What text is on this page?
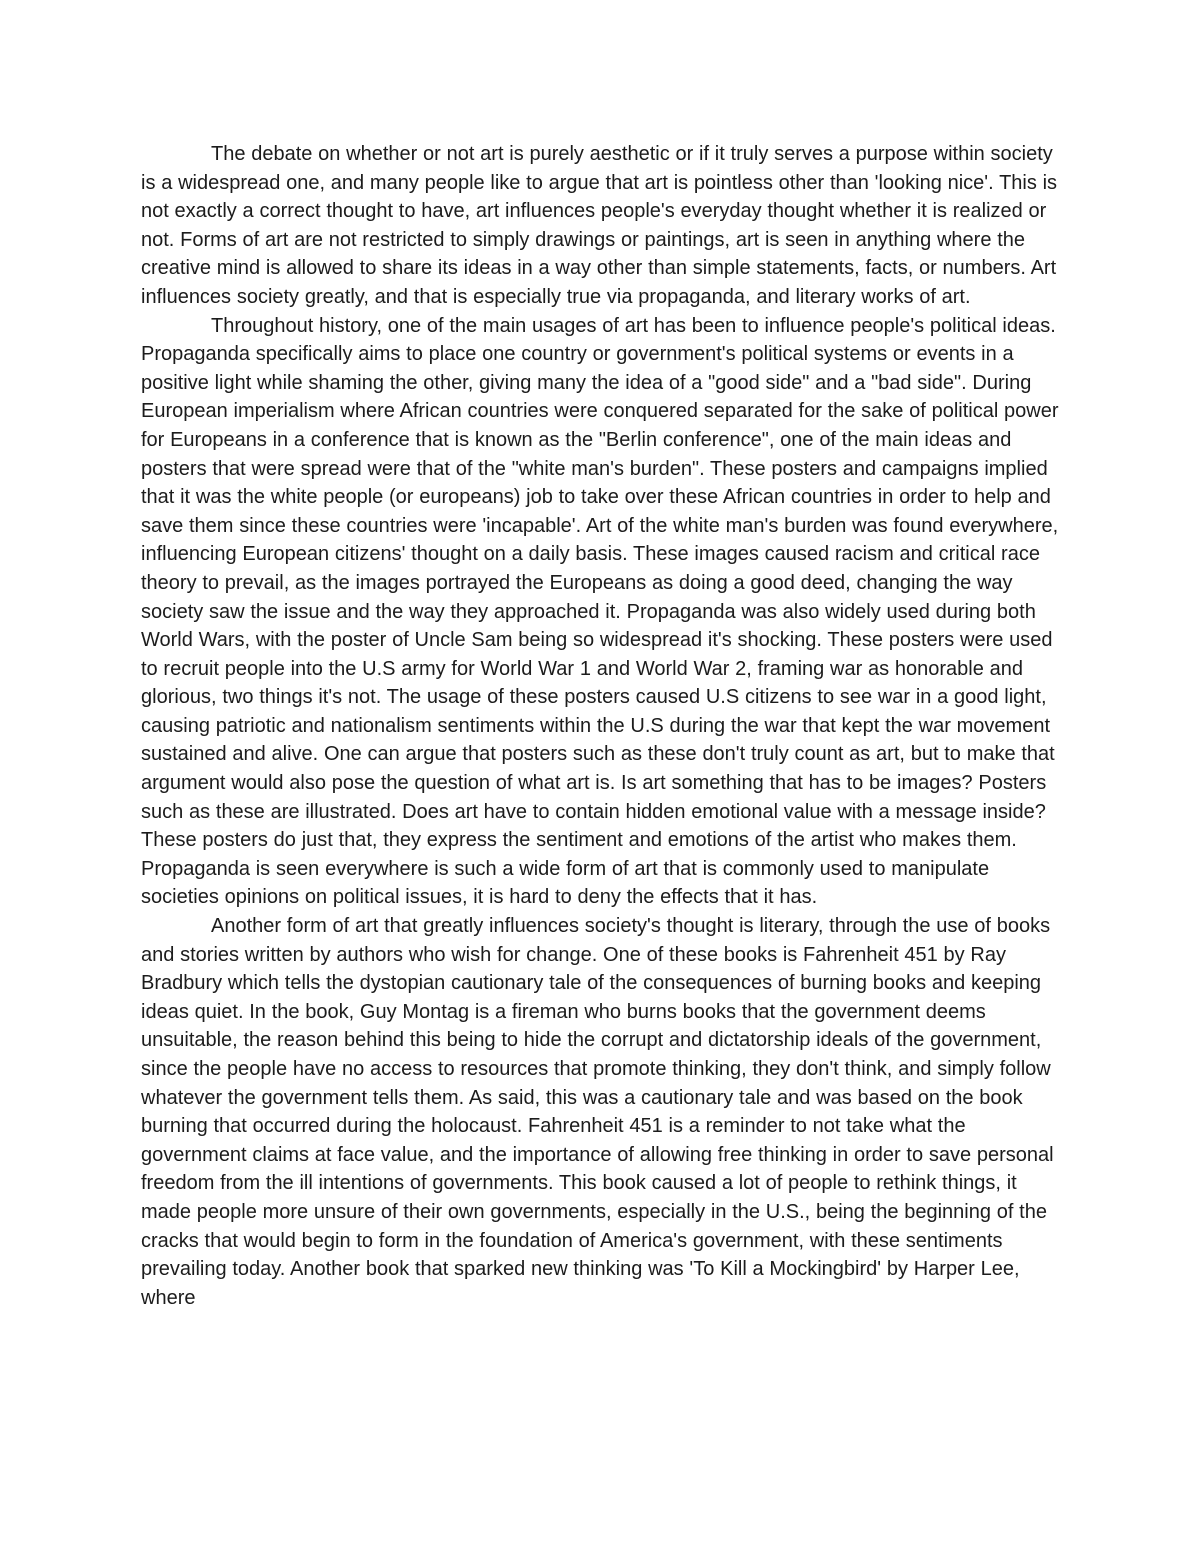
The debate on whether or not art is purely aesthetic or if it truly serves a purpose within society is a widespread one, and many people like to argue that art is pointless other than 'looking nice'. This is not exactly a correct thought to have, art influences people's everyday thought whether it is realized or not. Forms of art are not restricted to simply drawings or paintings, art is seen in anything where the creative mind is allowed to share its ideas in a way other than simple statements, facts, or numbers. Art influences society greatly, and that is especially true via propaganda, and literary works of art.

Throughout history, one of the main usages of art has been to influence people's political ideas. Propaganda specifically aims to place one country or government's political systems or events in a positive light while shaming the other, giving many the idea of a "good side" and a "bad side". During European imperialism where African countries were conquered separated for the sake of political power for Europeans in a conference that is known as the "Berlin conference", one of the main ideas and posters that were spread were that of the "white man's burden". These posters and campaigns implied that it was the white people (or europeans) job to take over these African countries in order to help and save them since these countries were 'incapable'. Art of the white man's burden was found everywhere, influencing European citizens' thought on a daily basis. These images caused racism and critical race theory to prevail, as the images portrayed the Europeans as doing a good deed, changing the way society saw the issue and the way they approached it. Propaganda was also widely used during both World Wars, with the poster of Uncle Sam being so widespread it's shocking. These posters were used to recruit people into the U.S army for World War 1 and World War 2, framing war as honorable and glorious, two things it's not. The usage of these posters caused U.S citizens to see war in a good light, causing patriotic and nationalism sentiments within the U.S during the war that kept the war movement sustained and alive. One can argue that posters such as these don't truly count as art, but to make that argument would also pose the question of what art is. Is art something that has to be images? Posters such as these are illustrated. Does art have to contain hidden emotional value with a message inside? These posters do just that, they express the sentiment and emotions of the artist who makes them. Propaganda is seen everywhere is such a wide form of art that is commonly used to manipulate societies opinions on political issues, it is hard to deny the effects that it has.

Another form of art that greatly influences society's thought is literary, through the use of books and stories written by authors who wish for change. One of these books is Fahrenheit 451 by Ray Bradbury which tells the dystopian cautionary tale of the consequences of burning books and keeping ideas quiet. In the book, Guy Montag is a fireman who burns books that the government deems unsuitable, the reason behind this being to hide the corrupt and dictatorship ideals of the government, since the people have no access to resources that promote thinking, they don't think, and simply follow whatever the government tells them. As said, this was a cautionary tale and was based on the book burning that occurred during the holocaust. Fahrenheit 451 is a reminder to not take what the government claims at face value, and the importance of allowing free thinking in order to save personal freedom from the ill intentions of governments. This book caused a lot of people to rethink things, it made people more unsure of their own governments, especially in the U.S., being the beginning of the cracks that would begin to form in the foundation of America's government, with these sentiments prevailing today. Another book that sparked new thinking was 'To Kill a Mockingbird' by Harper Lee, where
